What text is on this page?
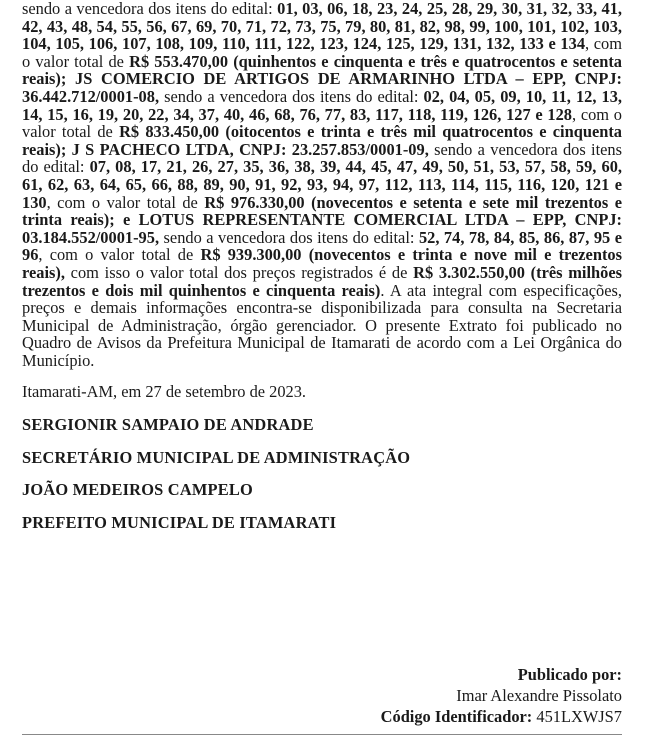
sendo a vencedora dos itens do edital: 01, 03, 06, 18, 23, 24, 25, 28, 29, 30, 31, 32, 33, 41, 42, 43, 48, 54, 55, 56, 67, 69, 70, 71, 72, 73, 75, 79, 80, 81, 82, 98, 99, 100, 101, 102, 103, 104, 105, 106, 107, 108, 109, 110, 111, 122, 123, 124, 125, 129, 131, 132, 133 e 134, com o valor total de R$ 553.470,00 (quinhentos e cinquenta e três e quatrocentos e setenta reais); JS COMERCIO DE ARTIGOS DE ARMARINHO LTDA – EPP, CNPJ: 36.442.712/0001-08, sendo a vencedora dos itens do edital: 02, 04, 05, 09, 10, 11, 12, 13, 14, 15, 16, 19, 20, 22, 34, 37, 40, 46, 68, 76, 77, 83, 117, 118, 119, 126, 127 e 128, com o valor total de R$ 833.450,00 (oitocentos e trinta e três mil quatrocentos e cinquenta reais); J S PACHECO LTDA, CNPJ: 23.257.853/0001-09, sendo a vencedora dos itens do edital: 07, 08, 17, 21, 26, 27, 35, 36, 38, 39, 44, 45, 47, 49, 50, 51, 53, 57, 58, 59, 60, 61, 62, 63, 64, 65, 66, 88, 89, 90, 91, 92, 93, 94, 97, 112, 113, 114, 115, 116, 120, 121 e 130, com o valor total de R$ 976.330,00 (novecentos e setenta e sete mil trezentos e trinta reais); e LOTUS REPRESENTANTE COMERCIAL LTDA – EPP, CNPJ: 03.184.552/0001-95, sendo a vencedora dos itens do edital: 52, 74, 78, 84, 85, 86, 87, 95 e 96, com o valor total de R$ 939.300,00 (novecentos e trinta e nove mil e trezentos reais), com isso o valor total dos preços registrados é de R$ 3.302.550,00 (três milhões trezentos e dois mil quinhentos e cinquenta reais). A ata integral com especificações, preços e demais informações encontra-se disponibilizada para consulta na Secretaria Municipal de Administração, órgão gerenciador. O presente Extrato foi publicado no Quadro de Avisos da Prefeitura Municipal de Itamarati de acordo com a Lei Orgânica do Município.

Itamarati-AM, em 27 de setembro de 2023.

SERGIONIR SAMPAIO DE ANDRADE
SECRETÁRIO MUNICIPAL DE ADMINISTRAÇÃO
JOÃO MEDEIROS CAMPELO
PREFEITO MUNICIPAL DE ITAMARATI
Publicado por:
Imar Alexandre Pissolato
Código Identificador: 451LXWJS7
